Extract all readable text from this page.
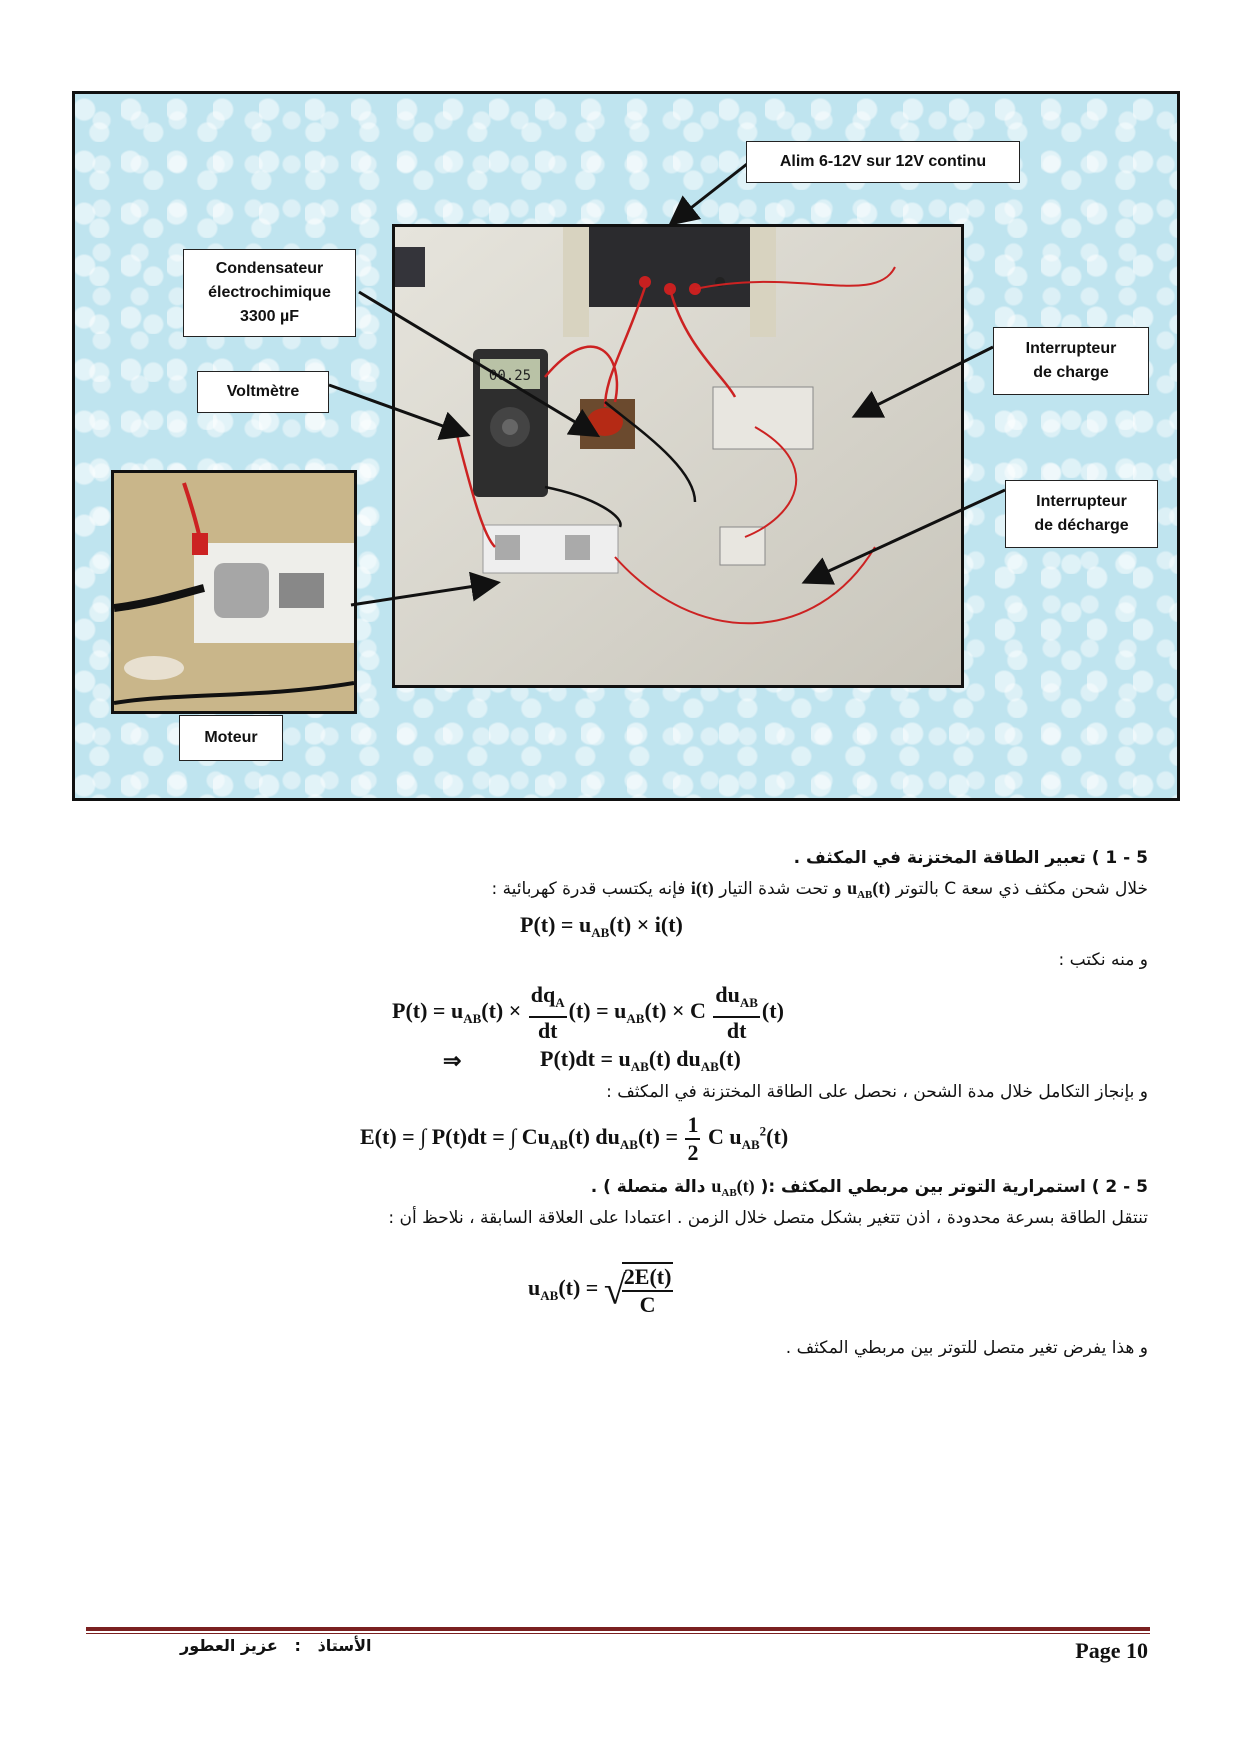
00.25
Alim 6-12V sur 12V continu
Condensateur
électrochimique
3300 µF
Voltmètre
Interrupteur
de charge
Interrupteur
de décharge
Moteur
5 - 1 ) تعبير الطاقة المختزنة في المكثف .
خلال شحن مكثف ذي سعة C بالتوتر $u_{AB}(t)$ و تحت شدة التيار i(t) فإنه يكتسب قدرة كهربائية :
$P(t) = u_{AB}(t) \times i(t)$
و منه نكتب :
$P(t) = u_{AB}(t) \times \frac{dq_A}{dt} (t) = u_{AB}(t) \times C \frac{du_{AB}}{dt} (t)$
⇒	$P(t)dt = u_{AB}(t)$ $du_{AB}(t)$
و بإنجاز التكامل خلال مدة الشحن ، نحصل على الطاقة المختزنة في المكثف :
E(t) = ∫ P(t)dt = ∫ $Cu_{AB}(t) du_{AB}(t) = \frac{1}{2}$ C $u_{AB}^2(t)$
5 - 2 ) استمرارية التوتر بين مربطي المكثف :( $u_{AB}(t)$ دالة متصلة ) .
تنتقل الطاقة بسرعة محدودة ، اذن تتغير بشكل متصل خلال الزمن . اعتمادا على العلاقة السابقة ، نلاحظ أن :
$u_{AB}(t)$ = √
$\frac{2E(t)}{C}$
و هذا يفرض تغير متصل للتوتر بين مربطي المكثف .
الأستاذ   :   عزيز العطور	Page 10
